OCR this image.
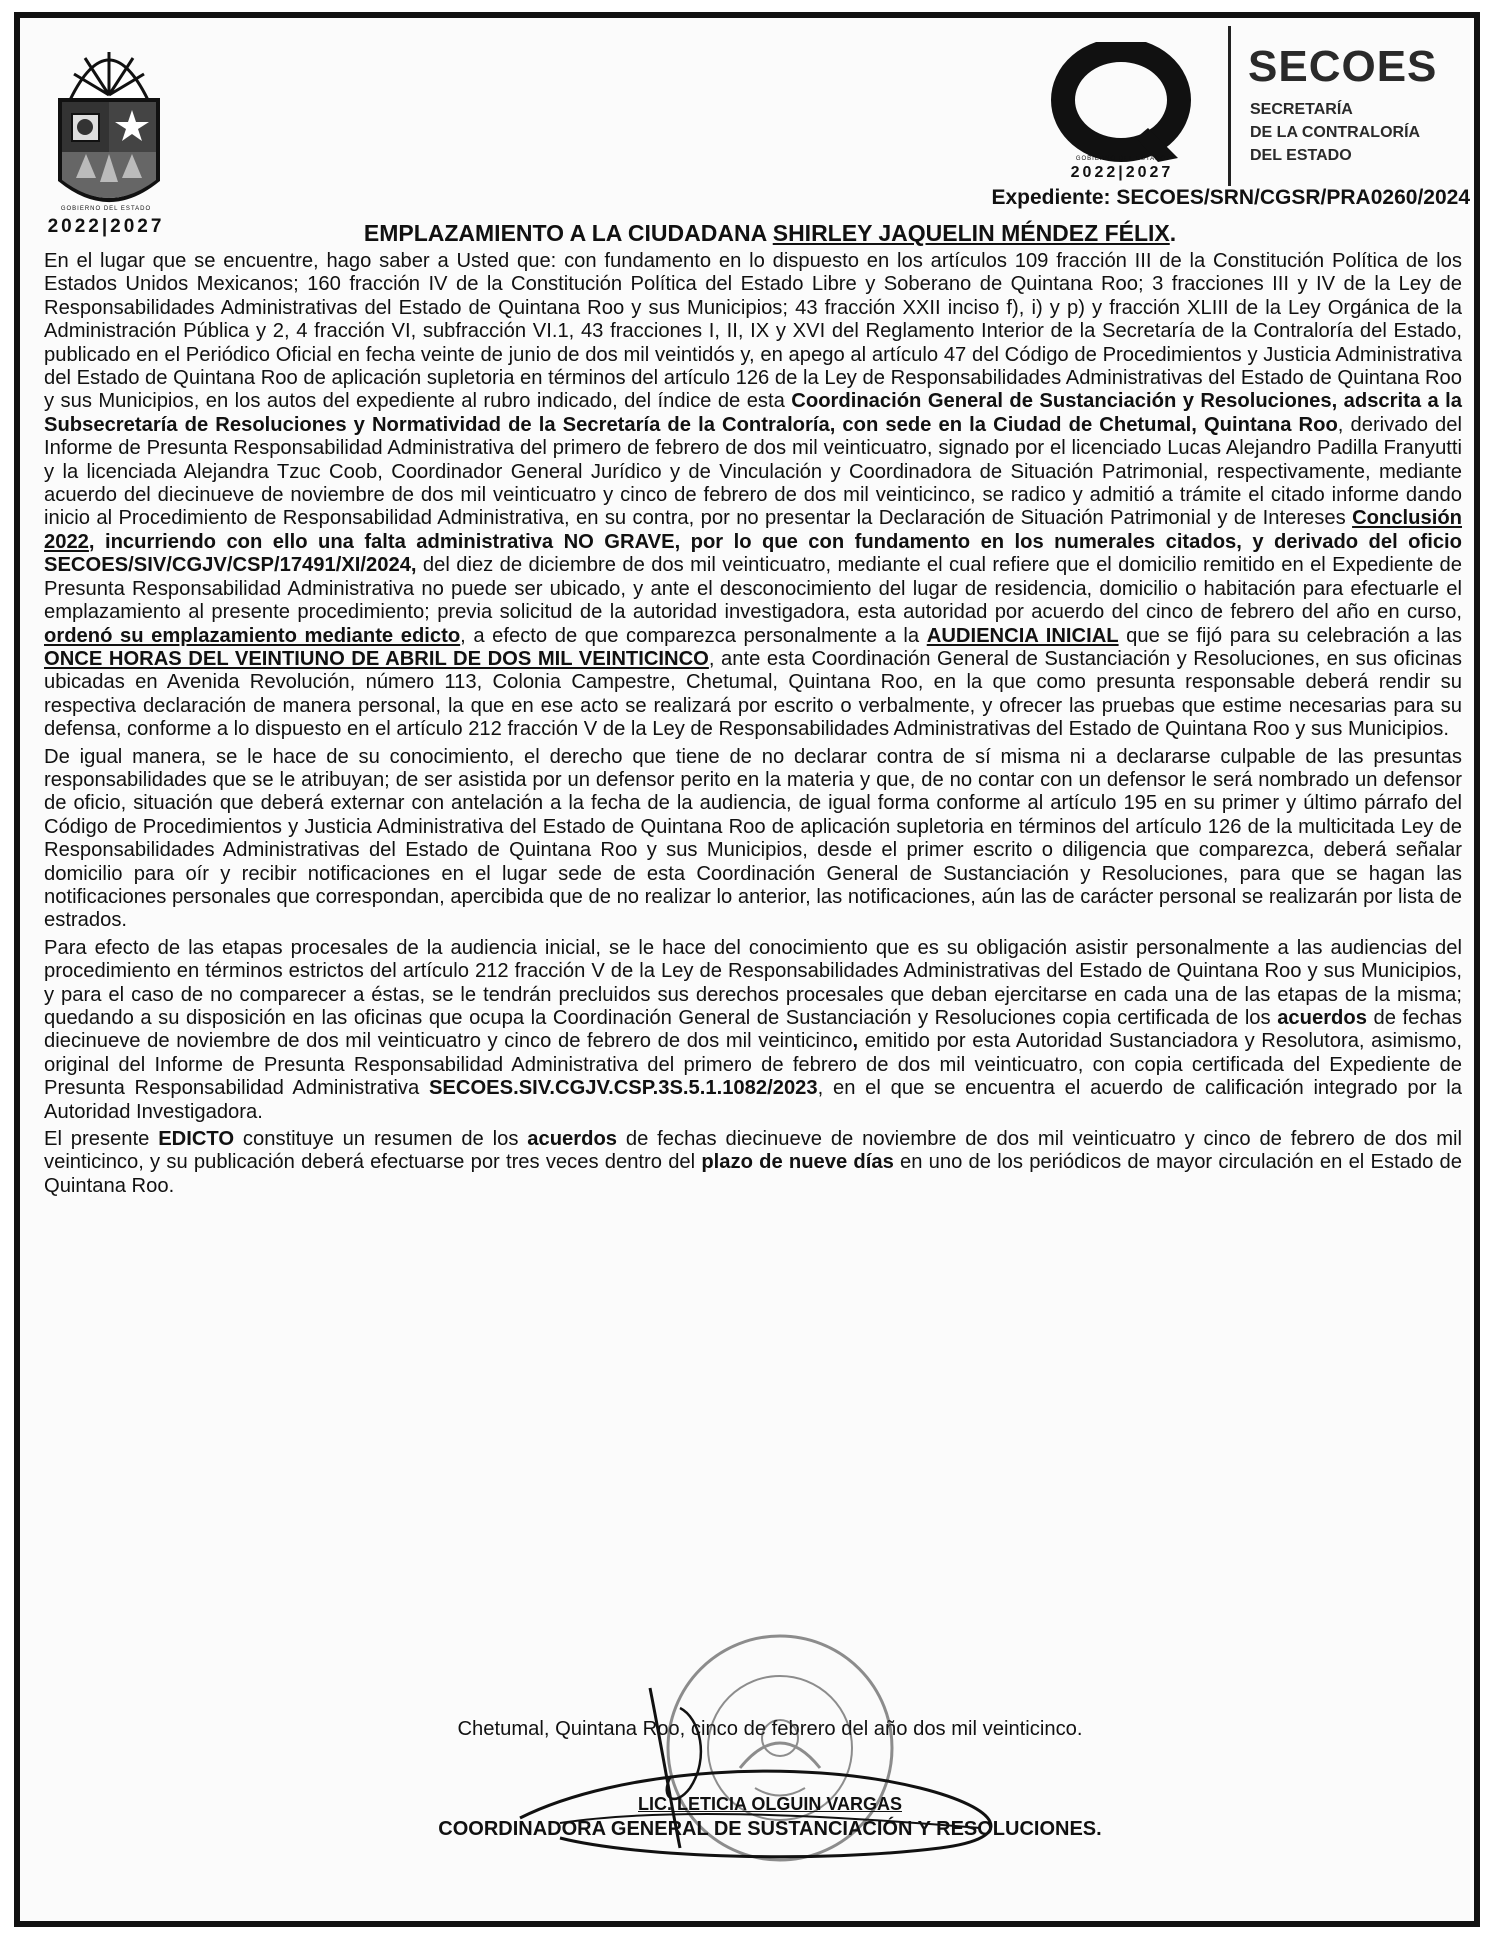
GOBIERNO DEL ESTADO
2022|2027
GOBIERNO DEL ESTADO
2022|2027
SECOES
SECRETARÍA
DE LA CONTRALORÍA
DEL ESTADO
Expediente: SECOES/SRN/CGSR/PRA0260/2024
EMPLAZAMIENTO A LA CIUDADANA SHIRLEY JAQUELIN MÉNDEZ FÉLIX.

En el lugar que se encuentre, hago saber a Usted que: con fundamento en lo dispuesto en los artículos 109 fracción III de la Constitución Política de los Estados Unidos Mexicanos; 160 fracción IV de la Constitución Política del Estado Libre y Soberano de Quintana Roo; 3 fracciones III y IV de la Ley de Responsabilidades Administrativas del Estado de Quintana Roo y sus Municipios; 43 fracción XXII inciso f), i) y p) y fracción XLIII de la Ley Orgánica de la Administración Pública y 2, 4 fracción VI, subfracción VI.1, 43 fracciones I, II, IX y XVI del Reglamento Interior de la Secretaría de la Contraloría del Estado, publicado en el Periódico Oficial en fecha veinte de junio de dos mil veintidós y, en apego al artículo 47 del Código de Procedimientos y Justicia Administrativa del Estado de Quintana Roo de aplicación supletoria en términos del artículo 126 de la Ley de Responsabilidades Administrativas del Estado de Quintana Roo y sus Municipios, en los autos del expediente al rubro indicado, del índice de esta Coordinación General de Sustanciación y Resoluciones, adscrita a la Subsecretaría de Resoluciones y Normatividad de la Secretaría de la Contraloría, con sede en la Ciudad de Chetumal, Quintana Roo, derivado del Informe de Presunta Responsabilidad Administrativa del primero de febrero de dos mil veinticuatro, signado por el licenciado Lucas Alejandro Padilla Franyutti y la licenciada Alejandra Tzuc Coob, Coordinador General Jurídico y de Vinculación y Coordinadora de Situación Patrimonial, respectivamente, mediante acuerdo del diecinueve de noviembre de dos mil veinticuatro y cinco de febrero de dos mil veinticinco, se radico y admitió a trámite el citado informe dando inicio al Procedimiento de Responsabilidad Administrativa, en su contra, por no presentar la Declaración de Situación Patrimonial y de Intereses Conclusión 2022, incurriendo con ello una falta administrativa NO GRAVE, por lo que con fundamento en los numerales citados, y derivado del oficio SECOES/SIV/CGJV/CSP/17491/XI/2024, del diez de diciembre de dos mil veinticuatro, mediante el cual refiere que el domicilio remitido en el Expediente de Presunta Responsabilidad Administrativa no puede ser ubicado, y ante el desconocimiento del lugar de residencia, domicilio o habitación para efectuarle el emplazamiento al presente procedimiento; previa solicitud de la autoridad investigadora, esta autoridad por acuerdo del cinco de febrero del año en curso, ordenó su emplazamiento mediante edicto, a efecto de que comparezca personalmente a la AUDIENCIA INICIAL que se fijó para su celebración a las ONCE HORAS DEL VEINTIUNO DE ABRIL DE DOS MIL VEINTICINCO, ante esta Coordinación General de Sustanciación y Resoluciones, en sus oficinas ubicadas en Avenida Revolución, número 113, Colonia Campestre, Chetumal, Quintana Roo, en la que como presunta responsable deberá rendir su respectiva declaración de manera personal, la que en ese acto se realizará por escrito o verbalmente, y ofrecer las pruebas que estime necesarias para su defensa, conforme a lo dispuesto en el artículo 212 fracción V de la Ley de Responsabilidades Administrativas del Estado de Quintana Roo y sus Municipios.

De igual manera, se le hace de su conocimiento, el derecho que tiene de no declarar contra de sí misma ni a declararse culpable de las presuntas responsabilidades que se le atribuyan; de ser asistida por un defensor perito en la materia y que, de no contar con un defensor le será nombrado un defensor de oficio, situación que deberá externar con antelación a la fecha de la audiencia, de igual forma conforme al artículo 195 en su primer y último párrafo del Código de Procedimientos y Justicia Administrativa del Estado de Quintana Roo de aplicación supletoria en términos del artículo 126 de la multicitada Ley de Responsabilidades Administrativas del Estado de Quintana Roo y sus Municipios, desde el primer escrito o diligencia que comparezca, deberá señalar domicilio para oír y recibir notificaciones en el lugar sede de esta Coordinación General de Sustanciación y Resoluciones, para que se hagan las notificaciones personales que correspondan, apercibida que de no realizar lo anterior, las notificaciones, aún las de carácter personal se realizarán por lista de estrados.

Para efecto de las etapas procesales de la audiencia inicial, se le hace del conocimiento que es su obligación asistir personalmente a las audiencias del procedimiento en términos estrictos del artículo 212 fracción V de la Ley de Responsabilidades Administrativas del Estado de Quintana Roo y sus Municipios, y para el caso de no comparecer a éstas, se le tendrán precluidos sus derechos procesales que deban ejercitarse en cada una de las etapas de la misma; quedando a su disposición en las oficinas que ocupa la Coordinación General de Sustanciación y Resoluciones copia certificada de los acuerdos de fechas diecinueve de noviembre de dos mil veinticuatro y cinco de febrero de dos mil veinticinco, emitido por esta Autoridad Sustanciadora y Resolutora, asimismo, original del Informe de Presunta Responsabilidad Administrativa del primero de febrero de dos mil veinticuatro, con copia certificada del Expediente de Presunta Responsabilidad Administrativa SECOES.SIV.CGJV.CSP.3S.5.1.1082/2023, en el que se encuentra el acuerdo de calificación integrado por la Autoridad Investigadora.

El presente EDICTO constituye un resumen de los acuerdos de fechas diecinueve de noviembre de dos mil veinticuatro y cinco de febrero de dos mil veinticinco, y su publicación deberá efectuarse por tres veces dentro del plazo de nueve días en uno de los periódicos de mayor circulación en el Estado de Quintana Roo.

Chetumal, Quintana Roo, cinco de febrero del año dos mil veinticinco.
LIC. LETICIA OLGUIN VARGAS
COORDINADORA GENERAL DE SUSTANCIACIÓN Y RESOLUCIONES.
